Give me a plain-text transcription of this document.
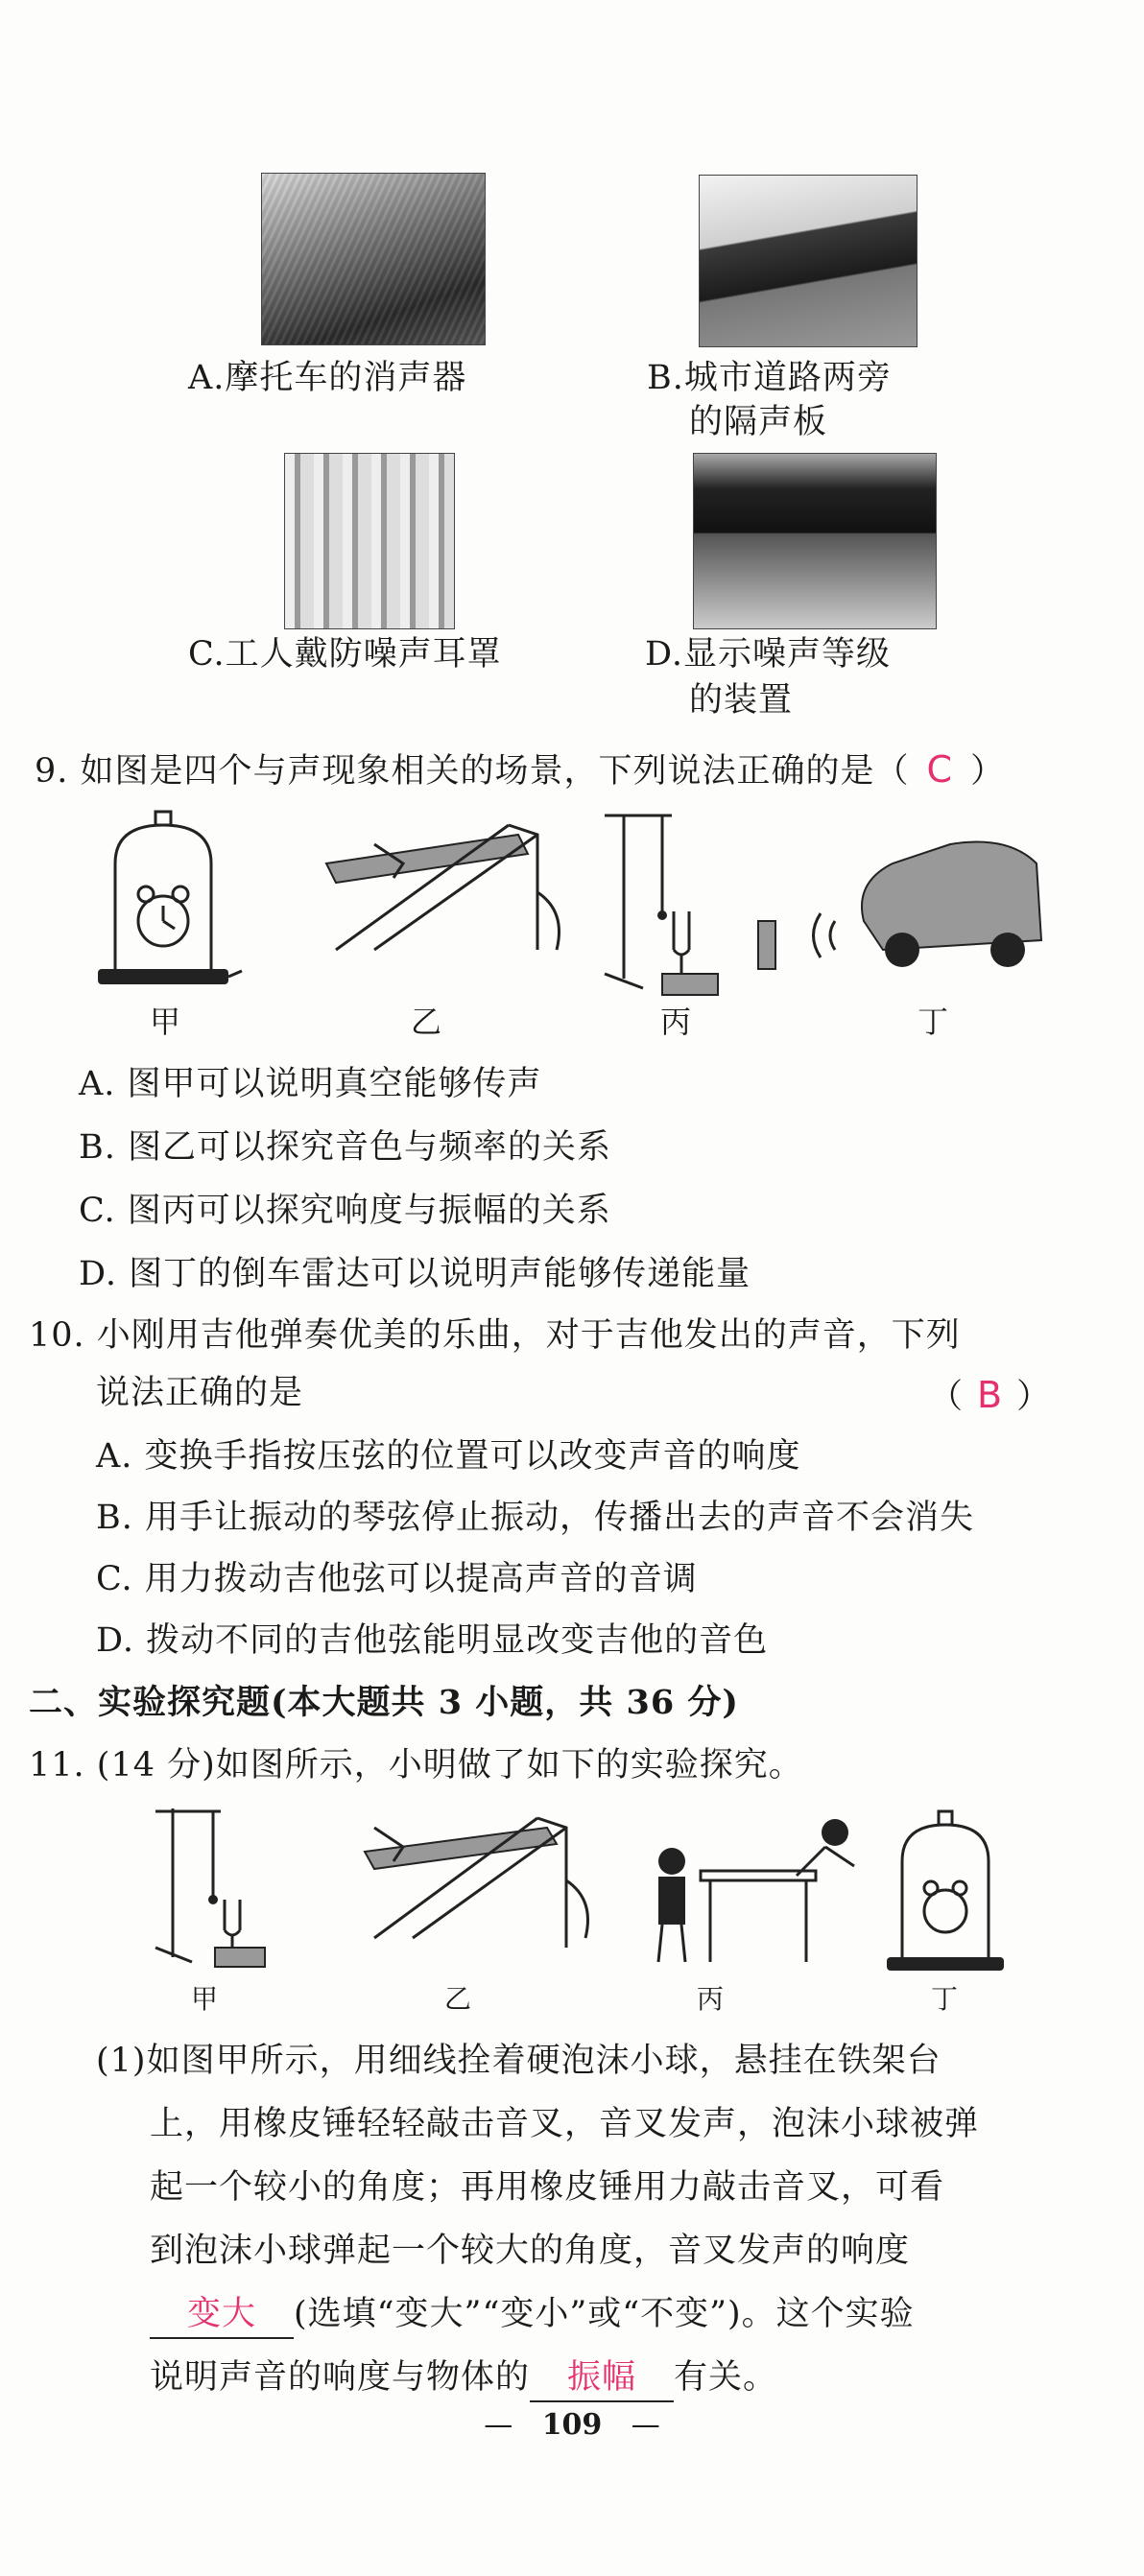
A.摩托车的消声器	B.城市道路两旁
的隔声板
C.工人戴防噪声耳罩	D.显示噪声等级
的装置
9. 如图是四个与声现象相关的场景，下列说法正确的是（ C ）
甲	乙	丙	丁
A. 图甲可以说明真空能够传声
B. 图乙可以探究音色与频率的关系
C. 图丙可以探究响度与振幅的关系
D. 图丁的倒车雷达可以说明声能够传递能量
10. 小刚用吉他弹奏优美的乐曲，对于吉他发出的声音，下列
说法正确的是	（ B ）
A. 变换手指按压弦的位置可以改变声音的响度
B. 用手让振动的琴弦停止振动，传播出去的声音不会消失
C. 用力拨动吉他弦可以提高声音的音调
D. 拨动不同的吉他弦能明显改变吉他的音色
二、实验探究题(本大题共 3 小题，共 36 分)
11. (14 分)如图所示，小明做了如下的实验探究。
甲	乙	丙	丁
(1)如图甲所示，用细线拴着硬泡沫小球，悬挂在铁架台
上，用橡皮锤轻轻敲击音叉，音叉发声，泡沫小球被弹
起一个较小的角度；再用橡皮锤用力敲击音叉，可看
到泡沫小球弹起一个较大的角度，音叉发声的响度
变大 (选填“变大”“变小”或“不变”)。这个实验
说明声音的响度与物体的 振幅 有关。
— 109 —
